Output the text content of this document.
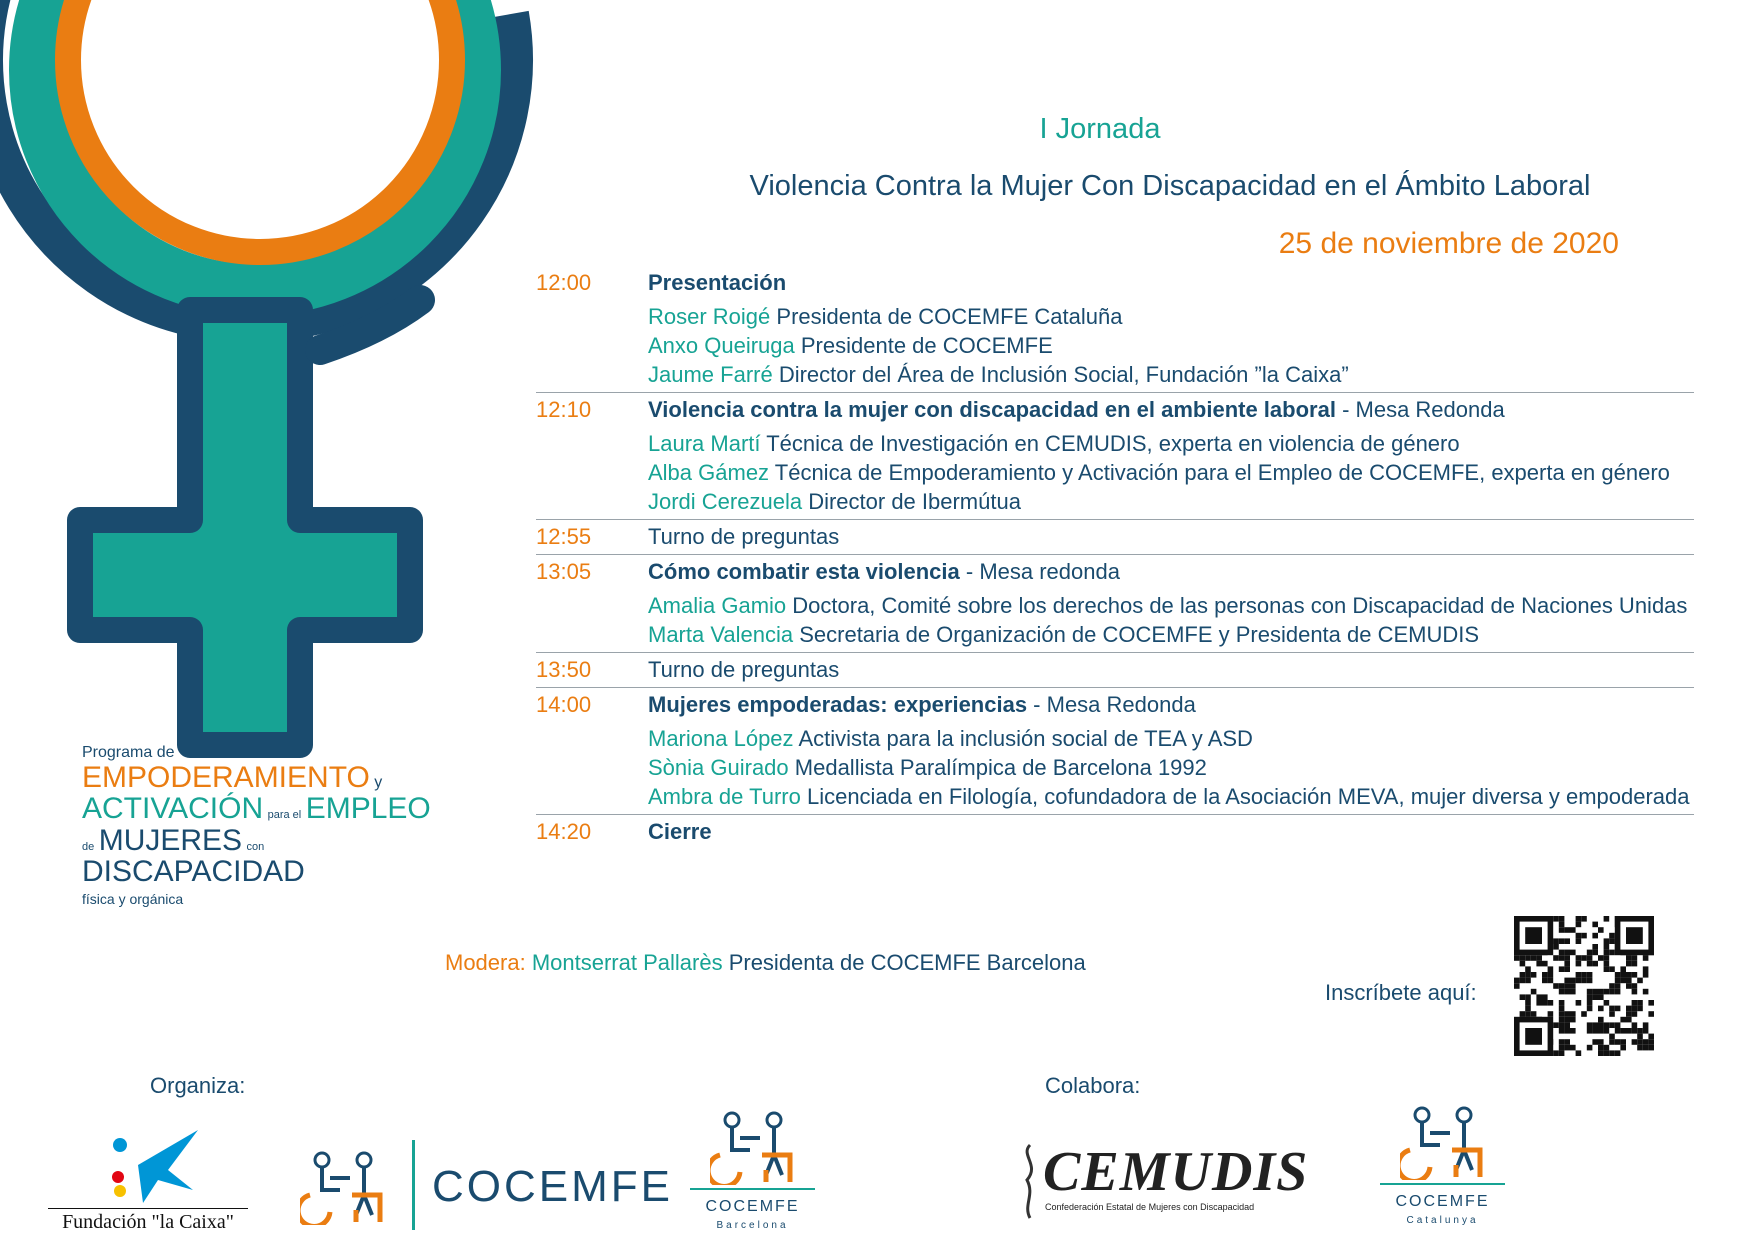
Programa de
EMPODERAMIENTO y
ACTIVACIÓN para el EMPLEO
de MUJERES con
DISCAPACIDAD
física y orgánica
I Jornada
Violencia Contra la Mujer Con Discapacidad en el Ámbito Laboral
25 de noviembre de 2020
12:00	Presentación
Roser Roigé Presidenta de COCEMFE Cataluña
Anxo Queiruga Presidente de COCEMFE
Jaume Farré Director del Área de Inclusión Social, Fundación ”la Caixa”
12:10	Violencia contra la mujer con discapacidad en el ambiente laboral - Mesa Redonda
Laura Martí Técnica de Investigación en CEMUDIS, experta en violencia de género
Alba Gámez Técnica de Empoderamiento y Activación para el Empleo de COCEMFE, experta en género
Jordi Cerezuela Director de Ibermútua
12:55	Turno de preguntas
13:05	Cómo combatir esta violencia - Mesa redonda
Amalia Gamio Doctora, Comité sobre los derechos de las personas con Discapacidad de Naciones Unidas
Marta Valencia Secretaria de Organización de COCEMFE y Presidenta de CEMUDIS
13:50	Turno de preguntas
14:00	Mujeres empoderadas: experiencias - Mesa Redonda
Mariona López Activista para la inclusión social de TEA y ASD
Sònia Guirado Medallista Paralímpica de Barcelona 1992
Ambra de Turro Licenciada en Filología, cofundadora de la Asociación MEVA, mujer diversa y empoderada
14:20	Cierre
Modera: Montserrat Pallarès Presidenta de COCEMFE Barcelona
Inscríbete aquí:
Organiza:	Colabora:
Fundación "la Caixa"
COCEMFE	COCEMFE
Barcelona
CEMUDIS
Confederación Estatal de Mujeres con Discapacidad	COCEMFE
Catalunya
